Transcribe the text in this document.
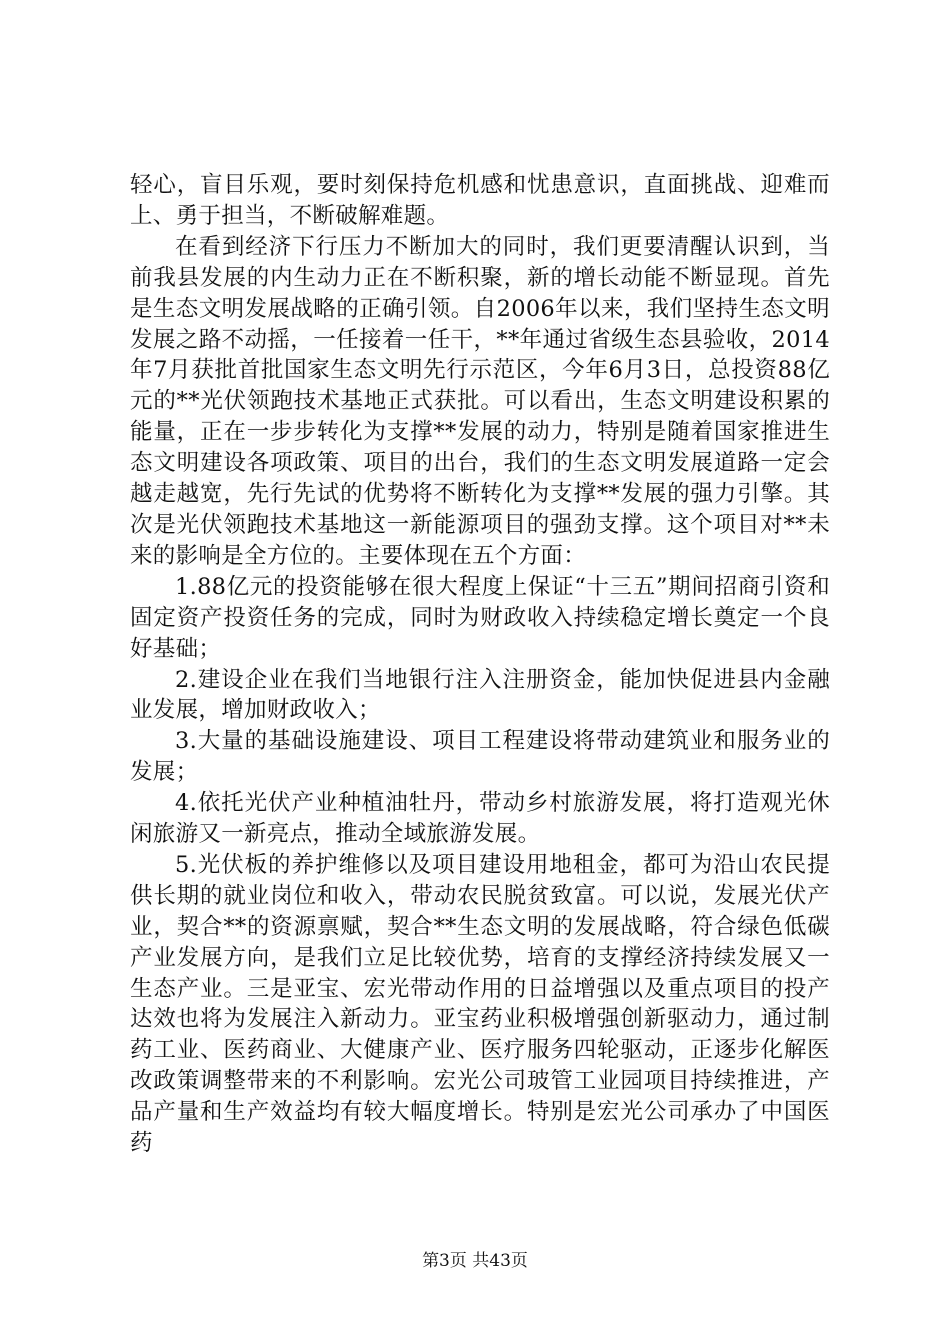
轻心，盲目乐观，要时刻保持危机感和忧患意识，直面挑战、迎难而上、勇于担当，不断破解难题。

在看到经济下行压力不断加大的同时，我们更要清醒认识到，当前我县发展的内生动力正在不断积聚，新的增长动能不断显现。首先是生态文明发展战略的正确引领。自2006年以来，我们坚持生态文明发展之路不动摇，一任接着一任干，**年通过省级生态县验收，2014年7月获批首批国家生态文明先行示范区，今年6月3日，总投资88亿元的**光伏领跑技术基地正式获批。可以看出，生态文明建设积累的能量，正在一步步转化为支撑**发展的动力，特别是随着国家推进生态文明建设各项政策、项目的出台，我们的生态文明发展道路一定会越走越宽，先行先试的优势将不断转化为支撑**发展的强力引擎。其次是光伏领跑技术基地这一新能源项目的强劲支撑。这个项目对**未来的影响是全方位的。主要体现在五个方面：

1.88亿元的投资能够在很大程度上保证“十三五”期间招商引资和固定资产投资任务的完成，同时为财政收入持续稳定增长奠定一个良好基础；

2.建设企业在我们当地银行注入注册资金，能加快促进县内金融业发展，增加财政收入；

3.大量的基础设施建设、项目工程建设将带动建筑业和服务业的发展；

4.依托光伏产业种植油牡丹，带动乡村旅游发展，将打造观光休闲旅游又一新亮点，推动全域旅游发展。

5.光伏板的养护维修以及项目建设用地租金，都可为沿山农民提供长期的就业岗位和收入，带动农民脱贫致富。可以说，发展光伏产业，契合**的资源禀赋，契合**生态文明的发展战略，符合绿色低碳产业发展方向，是我们立足比较优势，培育的支撑经济持续发展又一生态产业。三是亚宝、宏光带动作用的日益增强以及重点项目的投产达效也将为发展注入新动力。亚宝药业积极增强创新驱动力，通过制药工业、医药商业、大健康产业、医疗服务四轮驱动，正逐步化解医改政策调整带来的不利影响。宏光公司玻管工业园项目持续推进，产品产量和生产效益均有较大幅度增长。特别是宏光公司承办了中国医药

第3页 共43页
